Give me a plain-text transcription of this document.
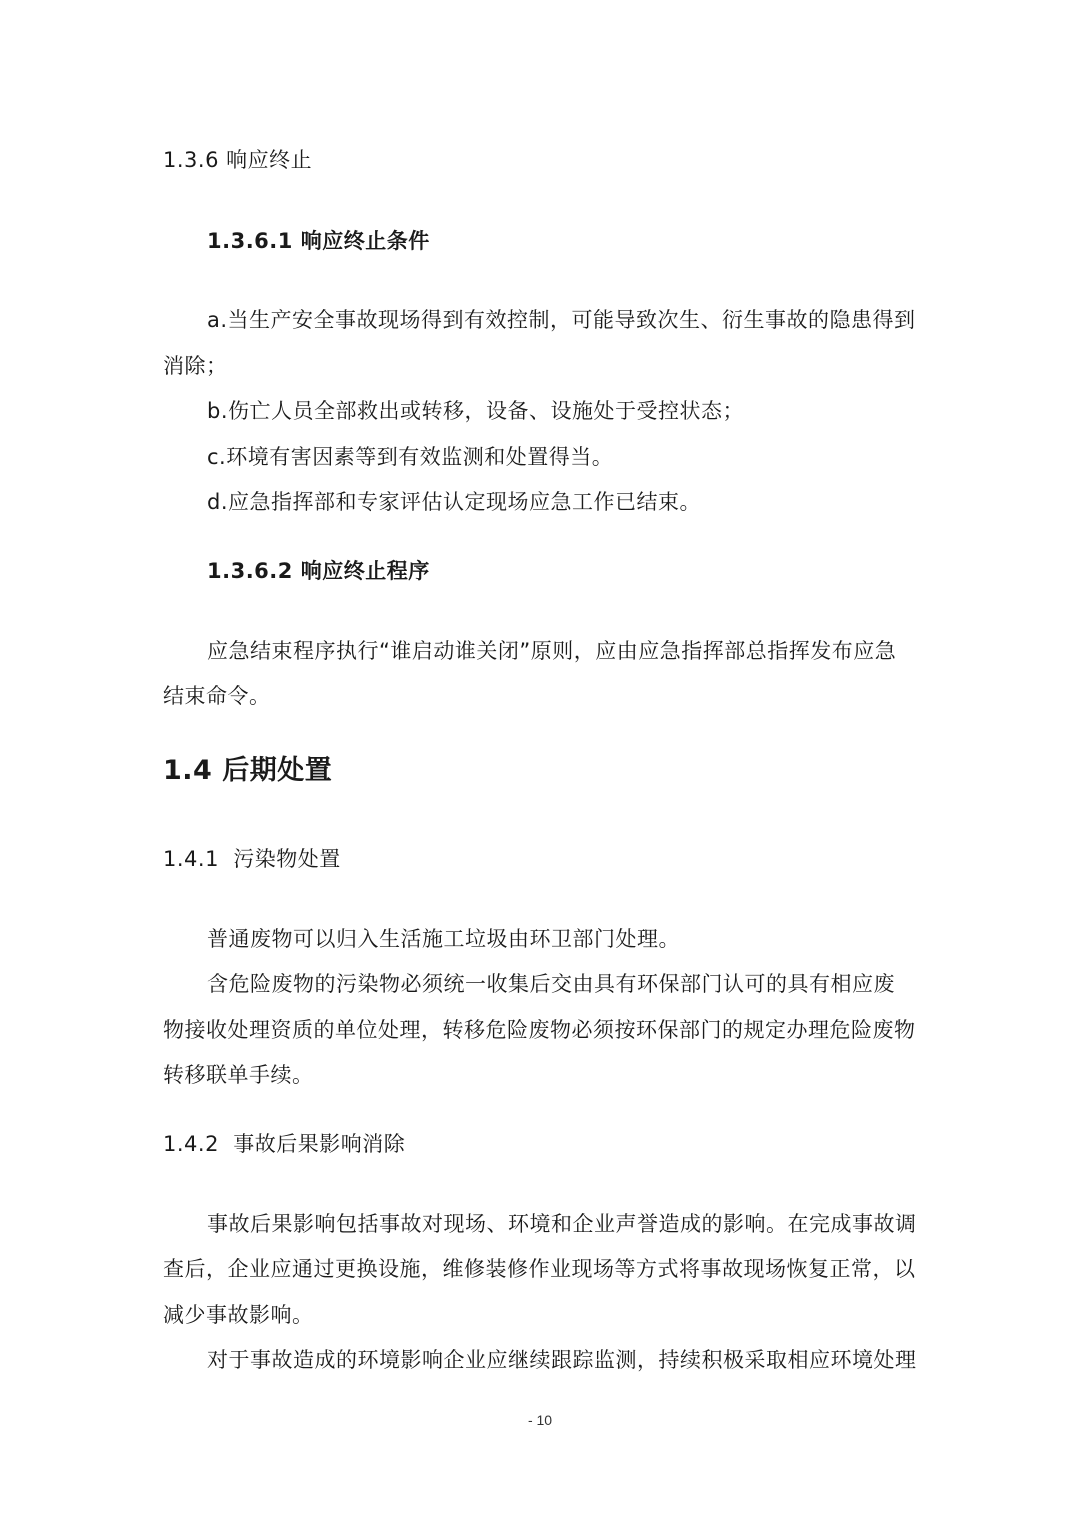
1.3.6 响应终止

1.3.6.1 响应终止条件

a.当生产安全事故现场得到有效控制，可能导致次生、衍生事故的隐患得到

消除；

b.伤亡人员全部救出或转移，设备、设施处于受控状态；

c.环境有害因素等到有效监测和处置得当。

d.应急指挥部和专家评估认定现场应急工作已结束。

1.3.6.2 响应终止程序

应急结束程序执行“谁启动谁关闭”原则，应由应急指挥部总指挥发布应急

结束命令。

1.4 后期处置

1.4.1  污染物处置

普通废物可以归入生活施工垃圾由环卫部门处理。

含危险废物的污染物必须统一收集后交由具有环保部门认可的具有相应废

物接收处理资质的单位处理，转移危险废物必须按环保部门的规定办理危险废物

转移联单手续。

1.4.2  事故后果影响消除

事故后果影响包括事故对现场、环境和企业声誉造成的影响。在完成事故调

查后，企业应通过更换设施，维修装修作业现场等方式将事故现场恢复正常，以

减少事故影响。

对于事故造成的环境影响企业应继续跟踪监测，持续积极采取相应环境处理

- 10
